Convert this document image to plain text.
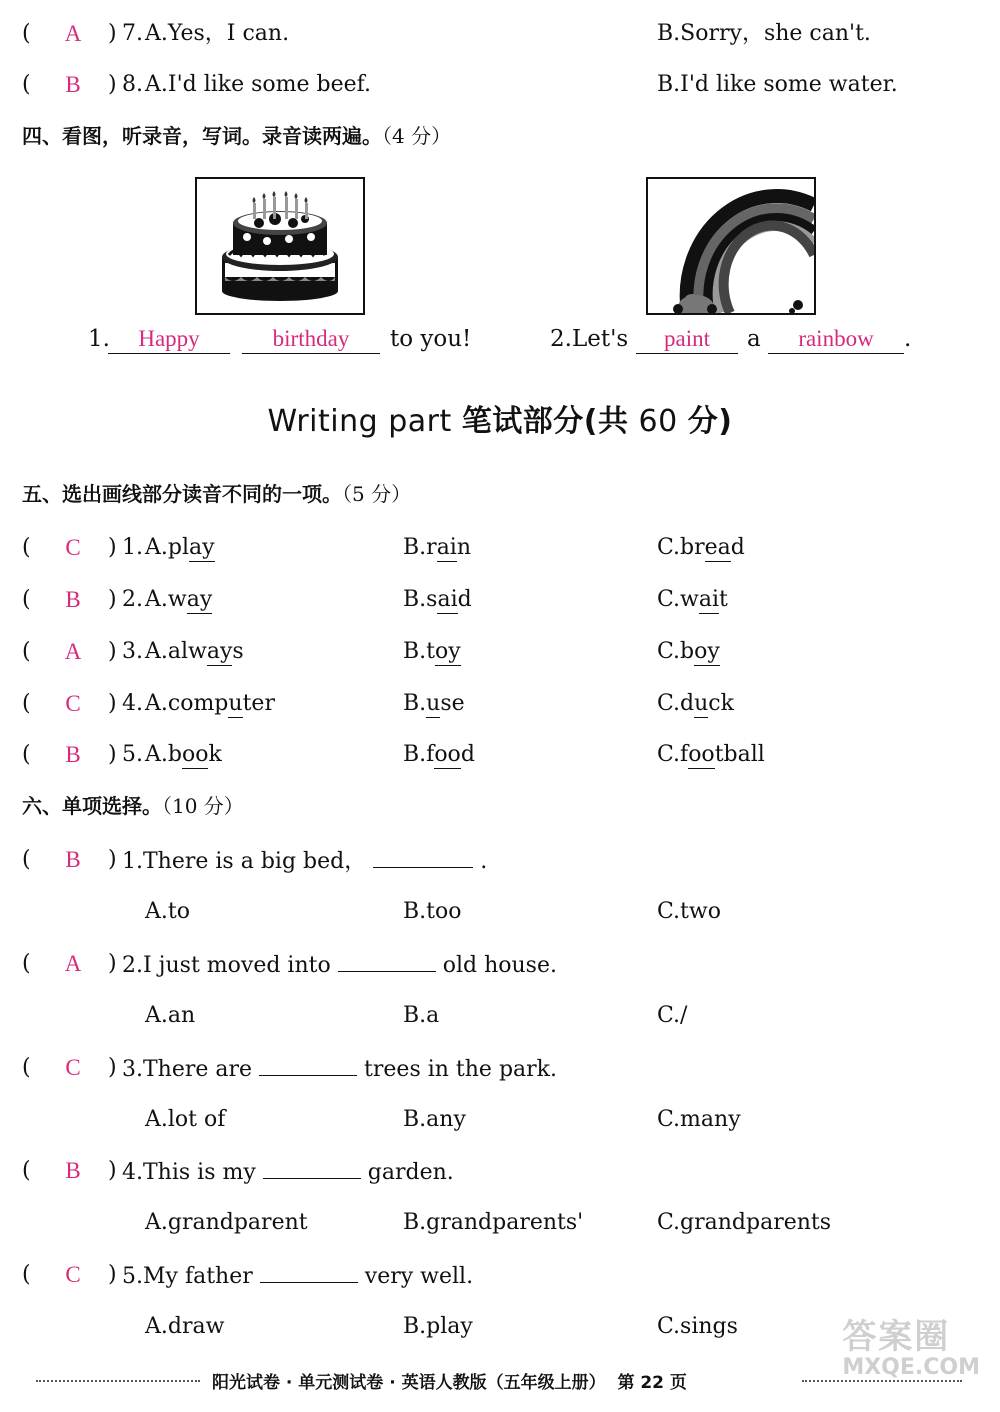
( A ) 7. A.Yes，I can.	B.Sorry，she can't.
( B ) 8. A.I'd like some beef.	B.I'd like some water.
四、看图，听录音，写词。录音读两遍。（4 分）
1.	Happy	birthday	to you!	2.Let's	paint	a	rainbow	.
Writing part 笔试部分(共 60 分)
五、选出画线部分读音不同的一项。（5 分）
( C ) 1. A.play	B.rain	C.bread
( B ) 2. A.way	B.said	C.wait
( A ) 3. A.always	B.toy	C.boy
( C ) 4. A.computer	B.use	C.duck
( B ) 5. A.book	B.food	C.football
六、单项选择。（10 分）
( B ) 1.There is a big bed，	.
A.to	B.too	C.two
( A ) 2.I just moved into	old house.
A.an	B.a	C./
( C ) 3.There are	trees in the park.
A.lot of	B.any	C.many
( B ) 4.This is my	garden.
A.grandparent	B.grandparents'	C.grandparents
( C ) 5.My father	very well.
A.draw	B.play	C.sings
阳光试卷 · 单元测试卷 · 英语人教版（五年级上册） 第 22 页
答案圈
MXQE.COM
